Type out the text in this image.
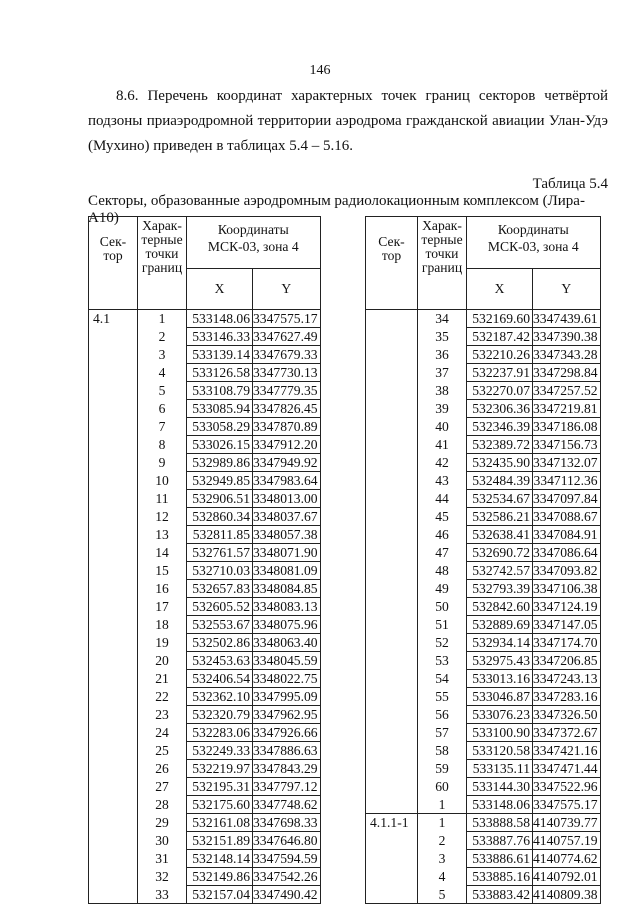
146
8.6. Перечень координат характерных точек границ секторов четвёртой
подзоны приаэродромной территории аэродрома гражданской авиации Улан-Удэ
(Мухино) приведен в таблицах 5.4 – 5.16.
Таблица 5.4
Секторы, образованные аэродромным радиолокационным комплексом (Лира-А10)
Сек-
тор	Харак-
терные
точки
границ	Координаты
МСК-03, зона 4	

		X	Y
4.1	1	533148.06	3347575.17
	2	533146.33	3347627.49
	3	533139.14	3347679.33
	4	533126.58	3347730.13
	5	533108.79	3347779.35
	6	533085.94	3347826.45
	7	533058.29	3347870.89
	8	533026.15	3347912.20
	9	532989.86	3347949.92
	10	532949.85	3347983.64
	11	532906.51	3348013.00
	12	532860.34	3348037.67
	13	532811.85	3348057.38
	14	532761.57	3348071.90
	15	532710.03	3348081.09
	16	532657.83	3348084.85
	17	532605.52	3348083.13
	18	532553.67	3348075.96
	19	532502.86	3348063.40
	20	532453.63	3348045.59
	21	532406.54	3348022.75
	22	532362.10	3347995.09
	23	532320.79	3347962.95
	24	532283.06	3347926.66
	25	532249.33	3347886.63
	26	532219.97	3347843.29
	27	532195.31	3347797.12
	28	532175.60	3347748.62
	29	532161.08	3347698.33
	30	532151.89	3347646.80
	31	532148.14	3347594.59
	32	532149.86	3347542.26
	33	532157.04	3347490.42
Сек-
тор	Харак-
терные
точки
границ	Координаты
МСК-03, зона 4	

		X	Y
	34	532169.60	3347439.61
	35	532187.42	3347390.38
	36	532210.26	3347343.28
	37	532237.91	3347298.84
	38	532270.07	3347257.52
	39	532306.36	3347219.81
	40	532346.39	3347186.08
	41	532389.72	3347156.73
	42	532435.90	3347132.07
	43	532484.39	3347112.36
	44	532534.67	3347097.84
	45	532586.21	3347088.67
	46	532638.41	3347084.91
	47	532690.72	3347086.64
	48	532742.57	3347093.82
	49	532793.39	3347106.38
	50	532842.60	3347124.19
	51	532889.69	3347147.05
	52	532934.14	3347174.70
	53	532975.43	3347206.85
	54	533013.16	3347243.13
	55	533046.87	3347283.16
	56	533076.23	3347326.50
	57	533100.90	3347372.67
	58	533120.58	3347421.16
	59	533135.11	3347471.44
	60	533144.30	3347522.96
	1	533148.06	3347575.17
4.1.1-1	1	533888.58	4140739.77
	2	533887.76	4140757.19
	3	533886.61	4140774.62
	4	533885.16	4140792.01
	5	533883.42	4140809.38
